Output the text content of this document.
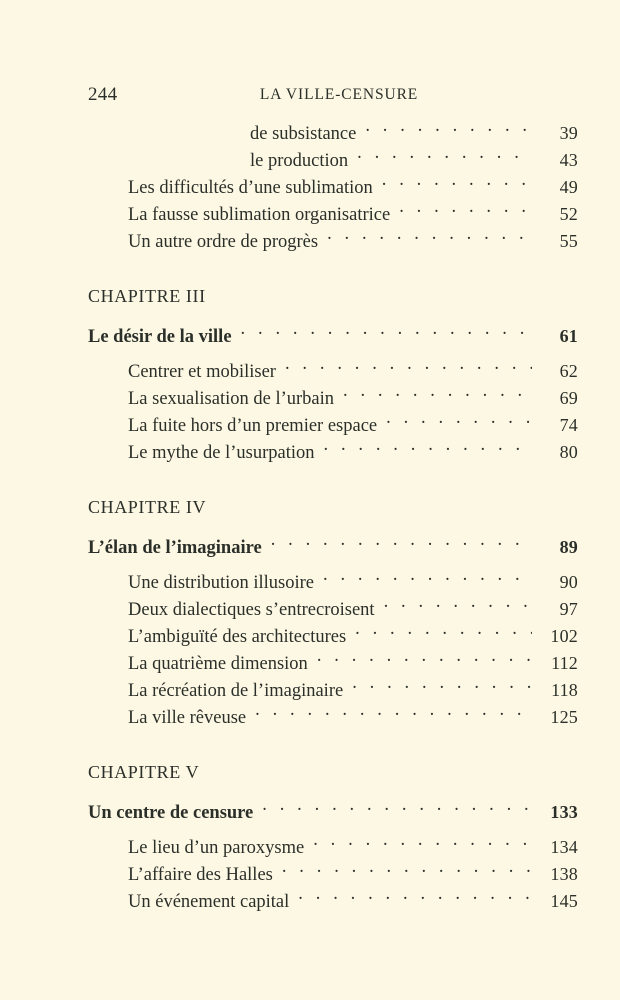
244	LA VILLE-CENSURE
de subsistance . . .	39
le production . . .	43
Les difficultés d’une sublimation . . .	49
La fausse sublimation organisatrice . . .	52
Un autre ordre de progrès . . .	55
CHAPITRE III
Le désir de la ville . . .	61
Centrer et mobiliser . . .	62
La sexualisation de l’urbain . . .	69
La fuite hors d’un premier espace . . .	74
Le mythe de l’usurpation . . .	80
CHAPITRE IV
L’élan de l’imaginaire . . .	89
Une distribution illusoire . . .	90
Deux dialectiques s’entrecroisent . . .	97
L’ambiguïté des architectures . . .	102
La quatrième dimension . . .	112
La récréation de l’imaginaire . . .	118
La ville rêveuse . . .	125
CHAPITRE V
Un centre de censure . . .	133
Le lieu d’un paroxysme . . .	134
L’affaire des Halles . . .	138
Un événement capital . . .	145
